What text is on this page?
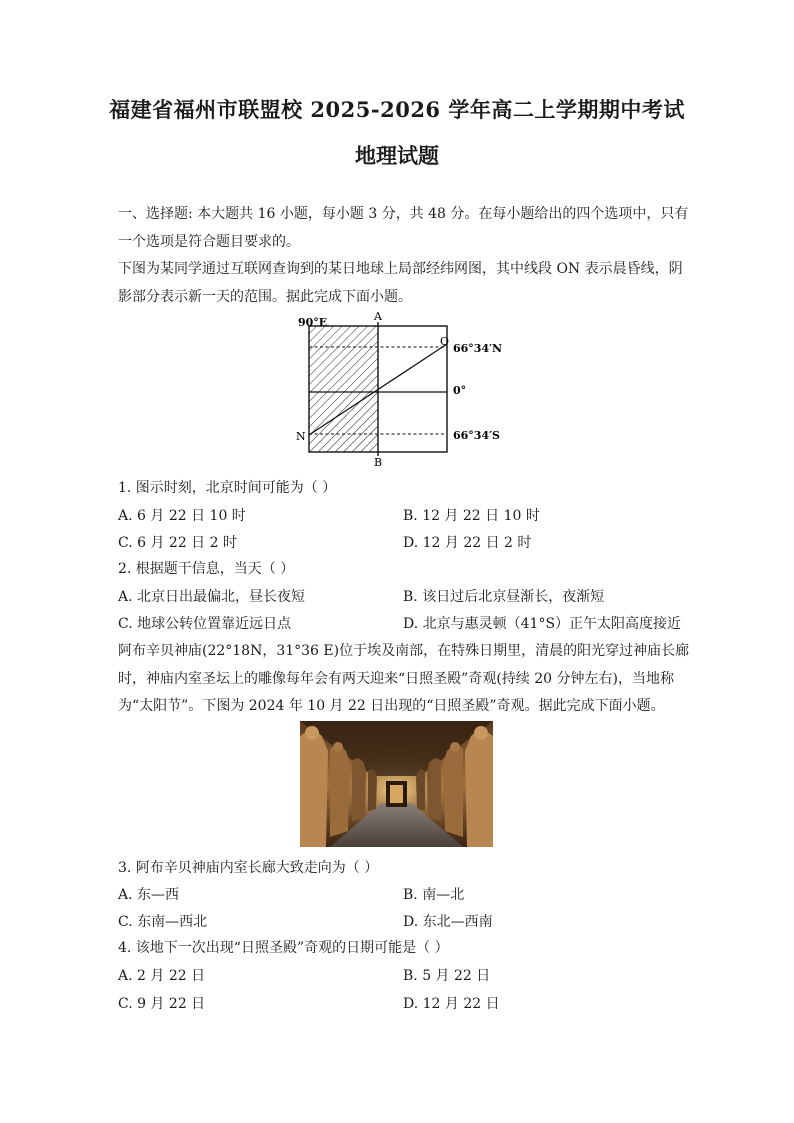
福建省福州市联盟校 2025-2026 学年高二上学期期中考试
地理试题
一、选择题: 本大题共 16 小题，每小题 3 分，共 48 分。在每小题给出的四个选项中，只有
一个选项是符合题目要求的。
下图为某同学通过互联网查询到的某日地球上局部经纬网图，其中线段 ON 表示晨昏线，阴
影部分表示新一天的范围。据此完成下面小题。
90°E	A
B
O
N
66°34′N
0°
66°34′S
1. 图示时刻，北京时间可能为（ ）
A. 6 月 22 日 10 时	B. 12 月 22 日 10 时
C. 6 月 22 日 2 时	D. 12 月 22 日 2 时
2. 根据题干信息，当天（ ）
A. 北京日出最偏北，昼长夜短	B. 该日过后北京昼渐长，夜渐短
C. 地球公转位置靠近远日点	D. 北京与惠灵顿（41°S）正午太阳高度接近
阿布辛贝神庙(22°18N，31°36 E)位于埃及南部，在特殊日期里，清晨的阳光穿过神庙长廊
时，神庙内室圣坛上的雕像每年会有两天迎来“日照圣殿”奇观(持续 20 分钟左右)，当地称
为“太阳节”。下图为 2024 年 10 月 22 日出现的“日照圣殿”奇观。据此完成下面小题。
3. 阿布辛贝神庙内室长廊大致走向为（ ）
A. 东—西	B. 南—北
C. 东南—西北	D. 东北—西南
4. 该地下一次出现“日照圣殿”奇观的日期可能是（ ）
A. 2 月 22 日	B. 5 月 22 日
C. 9 月 22 日	D. 12 月 22 日
